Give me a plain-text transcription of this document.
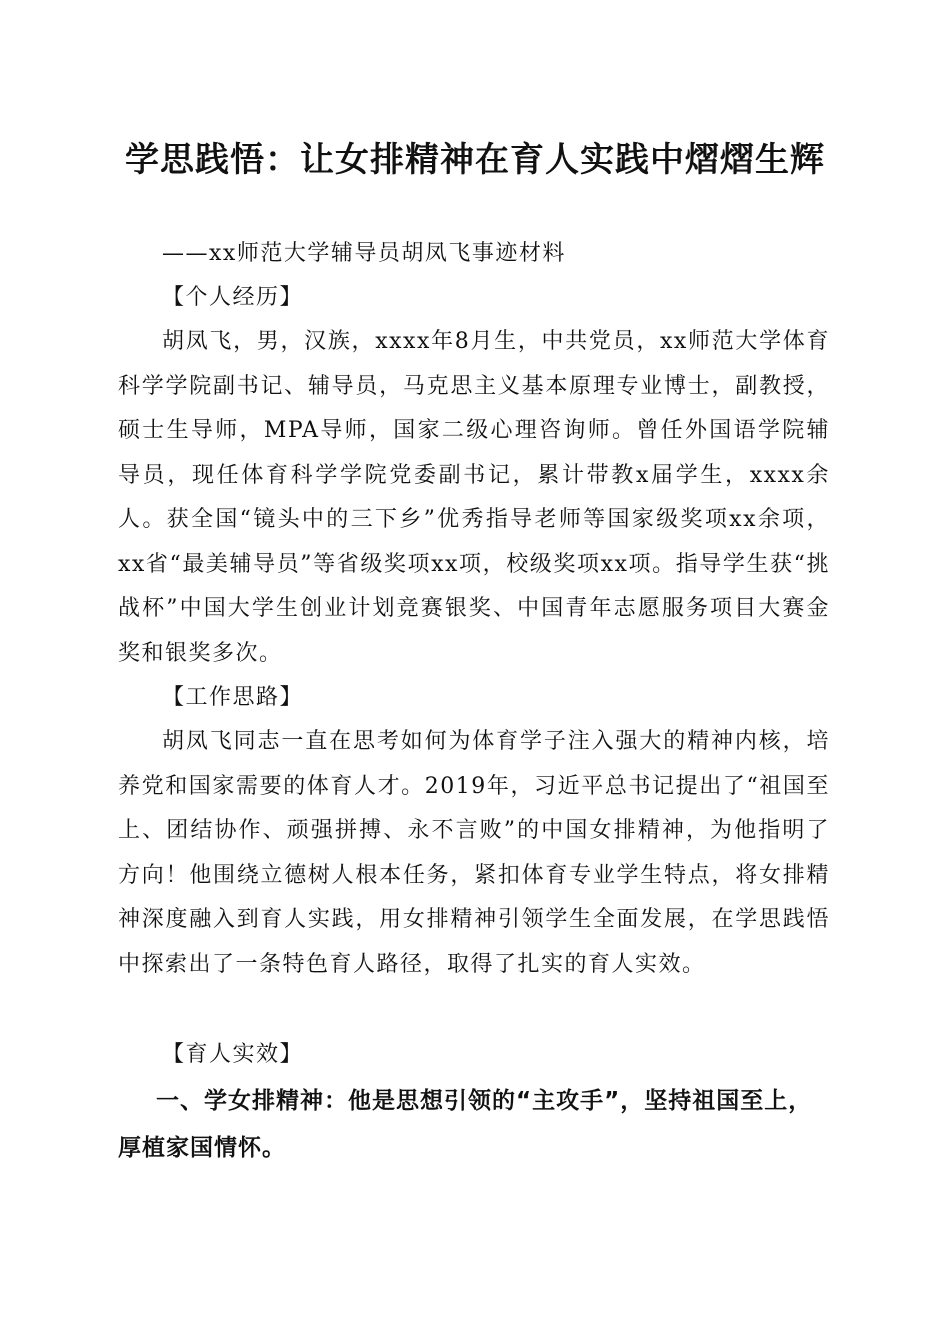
学思践悟：让女排精神在育人实践中熠熠生辉

——xx师范大学辅导员胡凤飞事迹材料

【个人经历】

胡凤飞，男，汉族，xxxx年8月生，中共党员，xx师范大学体育科学学院副书记、辅导员，马克思主义基本原理专业博士，副教授，硕士生导师，MPA导师，国家二级心理咨询师。曾任外国语学院辅导员，现任体育科学学院党委副书记，累计带教x届学生，xxxx余人。获全国“镜头中的三下乡”优秀指导老师等国家级奖项xx余项，xx省“最美辅导员”等省级奖项xx项，校级奖项xx项。指导学生获“挑战杯”中国大学生创业计划竞赛银奖、中国青年志愿服务项目大赛金奖和银奖多次。

【工作思路】

胡凤飞同志一直在思考如何为体育学子注入强大的精神内核，培养党和国家需要的体育人才。2019年，习近平总书记提出了“祖国至上、团结协作、顽强拼搏、永不言败”的中国女排精神，为他指明了方向！他围绕立德树人根本任务，紧扣体育专业学生特点，将女排精神深度融入到育人实践，用女排精神引领学生全面发展，在学思践悟中探索出了一条特色育人路径，取得了扎实的育人实效。

【育人实效】

一、学女排精神：他是思想引领的“主攻手”，坚持祖国至上，厚植家国情怀。
